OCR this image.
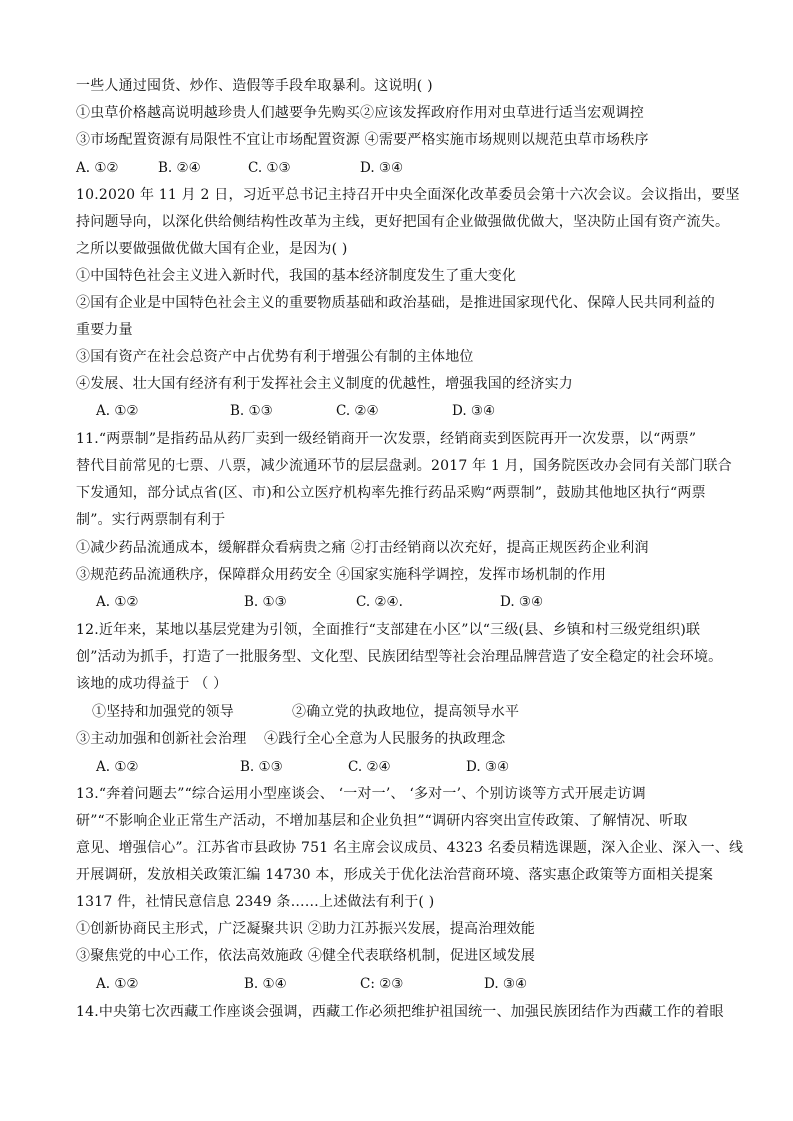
一些人通过囤货、炒作、造假等手段牟取暴利。这说明( )
①虫草价格越高说明越珍贵人们越要争先购买②应该发挥政府作用对虫草进行适当宏观调控
③市场配置资源有局限性不宜让市场配置资源 ④需要严格实施市场规则以规范虫草市场秩序
A. ①②	B. ②④	C. ①③	D. ③④
10.2020 年 11 月 2 日，习近平总书记主持召开中央全面深化改革委员会第十六次会议。会议指出，要坚
持问题导向，以深化供给侧结构性改革为主线，更好把国有企业做强做优做大，坚决防止国有资产流失。
之所以要做强做优做大国有企业，是因为( )
①中国特色社会主义进入新时代，我国的基本经济制度发生了重大变化
②国有企业是中国特色社会主义的重要物质基础和政治基础，是推进国家现代化、保障人民共同利益的
重要力量
③国有资产在社会总资产中占优势有利于增强公有制的主体地位
④发展、壮大国有经济有利于发挥社会主义制度的优越性，增强我国的经济实力
A. ①②	B. ①③	C. ②④	D. ③④
11.“两票制”是指药品从药厂卖到一级经销商开一次发票，经销商卖到医院再开一次发票，以“两票”
替代目前常见的七票、八票，减少流通环节的层层盘剥。2017 年 1 月，国务院医改办会同有关部门联合
下发通知，部分试点省(区、市)和公立医疗机构率先推行药品采购“两票制”，鼓励其他地区执行“两票
制”。实行两票制有利于
①减少药品流通成本，缓解群众看病贵之痛 ②打击经销商以次充好，提高正规医药企业利润
③规范药品流通秩序，保障群众用药安全 ④国家实施科学调控，发挥市场机制的作用
A. ①②	B. ①③	C. ②④.	D. ③④
12.近年来，某地以基层党建为引领，全面推行“支部建在小区”以“三级(县、乡镇和村三级党组织)联
创”活动为抓手，打造了一批服务型、文化型、民族团结型等社会治理品牌营造了安全稳定的社会环境。
该地的成功得益于 （ ）
①坚持和加强党的领导	②确立党的执政地位，提高领导水平
③主动加强和创新社会治理 ④践行全心全意为人民服务的执政理念
A. ①②	B. ①③	C. ②④	D. ③④
13.“奔着问题去”“综合运用小型座谈会、 ‘一对一’、 ‘多对一’、个别访谈等方式开展走访调
研”“不影响企业正常生产活动，不增加基层和企业负担”“调研内容突出宣传政策、了解情况、听取
意见、增强信心”。江苏省市县政协 751 名主席会议成员、4323 名委员精选课题，深入企业、深入一、线
开展调研，发放相关政策汇编 14730 本，形成关于优化法治营商环境、落实惠企政策等方面相关提案
1317 件，社情民意信息 2349 条……上述做法有利于( )
①创新协商民主形式，广泛凝聚共识 ②助力江苏振兴发展，提高治理效能
③聚焦党的中心工作，依法高效施政 ④健全代表联络机制，促进区域发展
A. ①②	B. ①④	C: ②③	D. ③④
14.中央第七次西藏工作座谈会强调，西藏工作必须把维护祖国统一、加强民族团结作为西藏工作的着眼
